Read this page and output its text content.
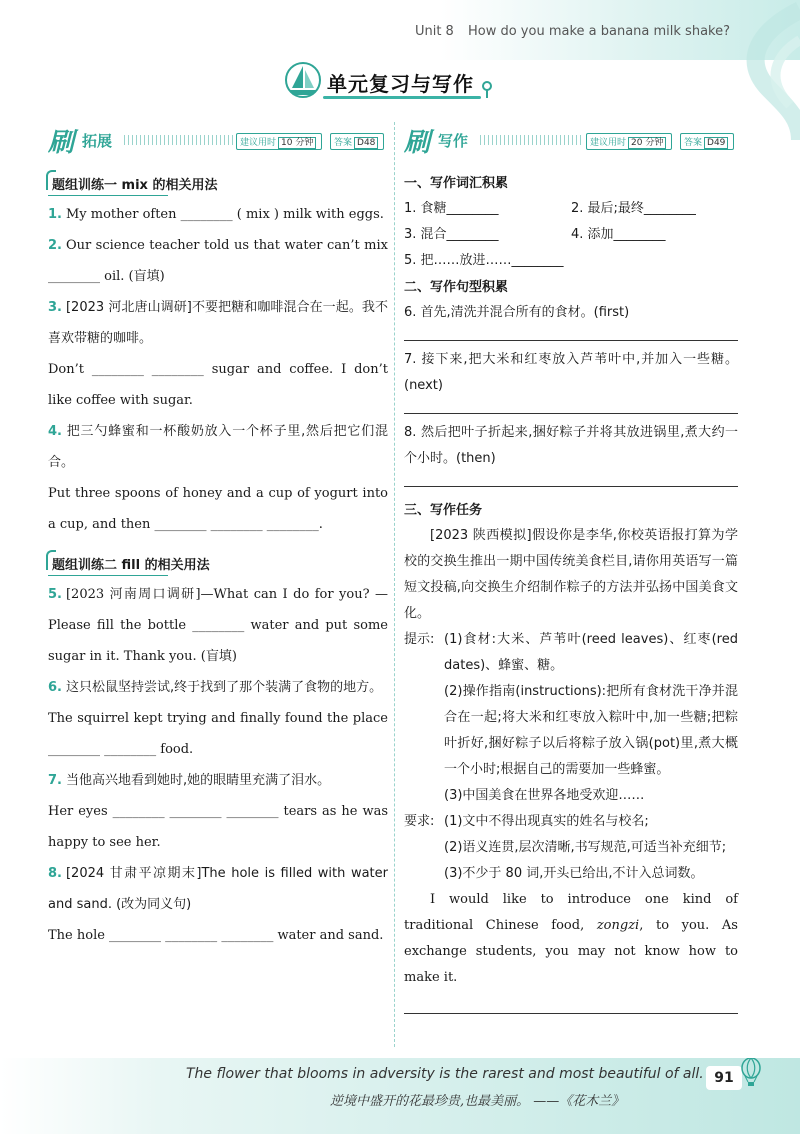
Unit 8 How do you make a banana milk shake?
单元复习与写作
刷 拓展	建议用时 10 分钟	答案 D48
题组训练一 mix 的相关用法
1. My mother often ________ ( mix ) milk with eggs.
2. Our science teacher told us that water can’t mix ________ oil. (盲填)
3. [2023 河北唐山调研]不要把糖和咖啡混合在一起。我不喜欢带糖的咖啡。
Don’t ________ ________ sugar and coffee. I don’t like coffee with sugar.
4. 把三勺蜂蜜和一杯酸奶放入一个杯子里,然后把它们混合。
Put three spoons of honey and a cup of yogurt into a cup, and then ________ ________ ________.
题组训练二 fill 的相关用法
5. [2023 河南周口调研]—What can I do for you? —Please fill the bottle ________ water and put some sugar in it. Thank you. (盲填)
6. 这只松鼠坚持尝试,终于找到了那个装满了食物的地方。
The squirrel kept trying and finally found the place ________ ________ food.
7. 当他高兴地看到她时,她的眼睛里充满了泪水。
Her eyes ________ ________ ________ tears as he was happy to see her.
8. [2024 甘肃平凉期末]The hole is filled with water and sand. (改为同义句)
The hole ________ ________ ________ water and sand.
刷 写作	建议用时 20 分钟	答案 D49
一、写作词汇积累
1. 食糖________	2. 最后;最终________
3. 混合________	4. 添加________
5. 把……放进……________
二、写作句型积累
6. 首先,清洗并混合所有的食材。(first)
7. 接下来,把大米和红枣放入芦苇叶中,并加入一些糖。(next)
8. 然后把叶子折起来,捆好粽子并将其放进锅里,煮大约一个小时。(then)
三、写作任务
[2023 陕西模拟]假设你是李华,你校英语报打算为学校的交换生推出一期中国传统美食栏目,请你用英语写一篇短文投稿,向交换生介绍制作粽子的方法并弘扬中国美食文化。
提示: (1)食材:大米、芦苇叶(reed leaves)、红枣(red dates)、蜂蜜、糖。
(2)操作指南(instructions):把所有食材洗干净并混合在一起;将大米和红枣放入粽叶中,加一些糖;把粽叶折好,捆好粽子以后将粽子放入锅(pot)里,煮大概一个小时;根据自己的需要加一些蜂蜜。
(3)中国美食在世界各地受欢迎……
要求: (1)文中不得出现真实的姓名与校名;
(2)语义连贯,层次清晰,书写规范,可适当补充细节;
(3)不少于 80 词,开头已给出,不计入总词数。
I would like to introduce one kind of traditional Chinese food, zongzi, to you. As exchange students, you may not know how to make it.
The flower that blooms in adversity is the rarest and most beautiful of all.
逆境中盛开的花最珍贵,也最美丽。 ——《花木兰》
91
